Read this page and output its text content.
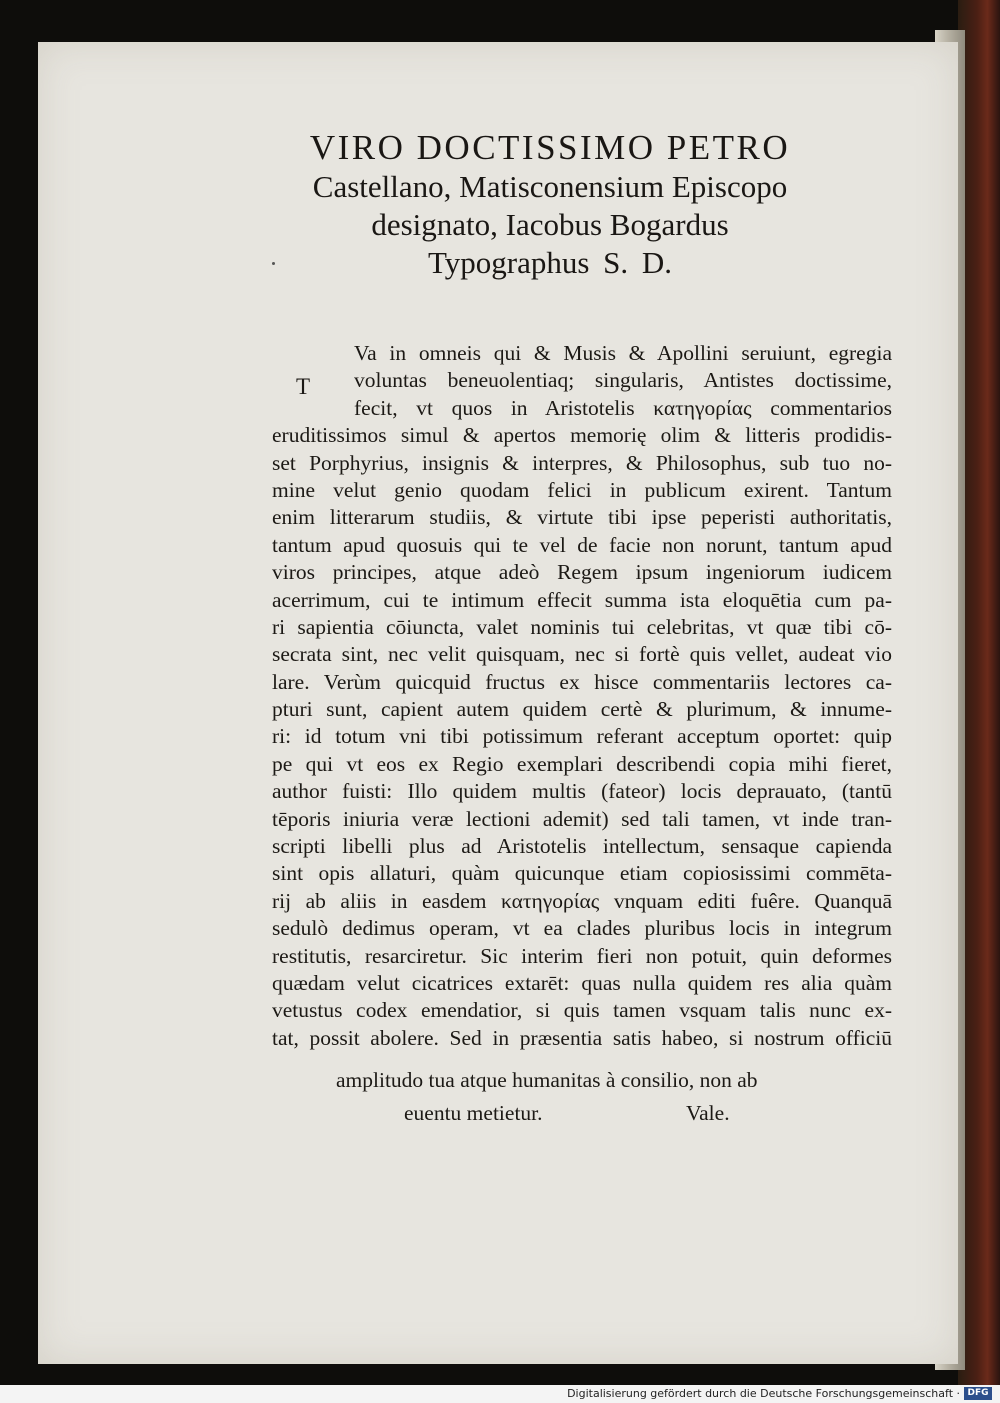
VIRO DOCTISSIMO PETRO
Castellano, Matisconensium Episcopo
designato, Iacobus Bogardus
Typographus S. D.
T
Va in omneis qui & Musis & Apollini seruiunt, egregia
voluntas beneuolentiaq; singularis, Antistes doctissime,
fecit, vt quos in Aristotelis κατηγορίας commentarios
eruditissimos simul & apertos memorię olim & litteris prodidis-
set Porphyrius, insignis & interpres, & Philosophus, sub tuo no-
mine velut genio quodam felici in publicum exirent. Tantum
enim litterarum studiis, & virtute tibi ipse peperisti authoritatis,
tantum apud quosuis qui te vel de facie non norunt, tantum apud
viros principes, atque adeò Regem ipsum ingeniorum iudicem
acerrimum, cui te intimum effecit summa ista eloquētia cum pa-
ri sapientia cōiuncta, valet nominis tui celebritas, vt quæ tibi cō-
secrata sint, nec velit quisquam, nec si fortè quis vellet, audeat vio
lare. Verùm quicquid fructus ex hisce commentariis lectores ca-
pturi sunt, capient autem quidem certè & plurimum, & innume-
ri: id totum vni tibi potissimum referant acceptum oportet: quip
pe qui vt eos ex Regio exemplari describendi copia mihi fieret,
author fuisti: Illo quidem multis (fateor) locis deprauato, (tantū
tēporis iniuria veræ lectioni ademit) sed tali tamen, vt inde tran-
scripti libelli plus ad Aristotelis intellectum, sensaque capienda
sint opis allaturi, quàm quicunque etiam copiosissimi commēta-
rij ab aliis in easdem κατηγορίας vnquam editi fuêre. Quanquā
sedulò dedimus operam, vt ea clades pluribus locis in integrum
restitutis, resarciretur. Sic interim fieri non potuit, quin deformes
quædam velut cicatrices extarēt: quas nulla quidem res alia quàm
vetustus codex emendatior, si quis tamen vsquam talis nunc ex-
tat, possit abolere. Sed in præsentia satis habeo, si nostrum officiū
amplitudo tua atque humanitas à consilio, non ab
euentu metietur.	Vale.
Digitalisierung gefördert durch die Deutsche Forschungsgemeinschaft · DFG
